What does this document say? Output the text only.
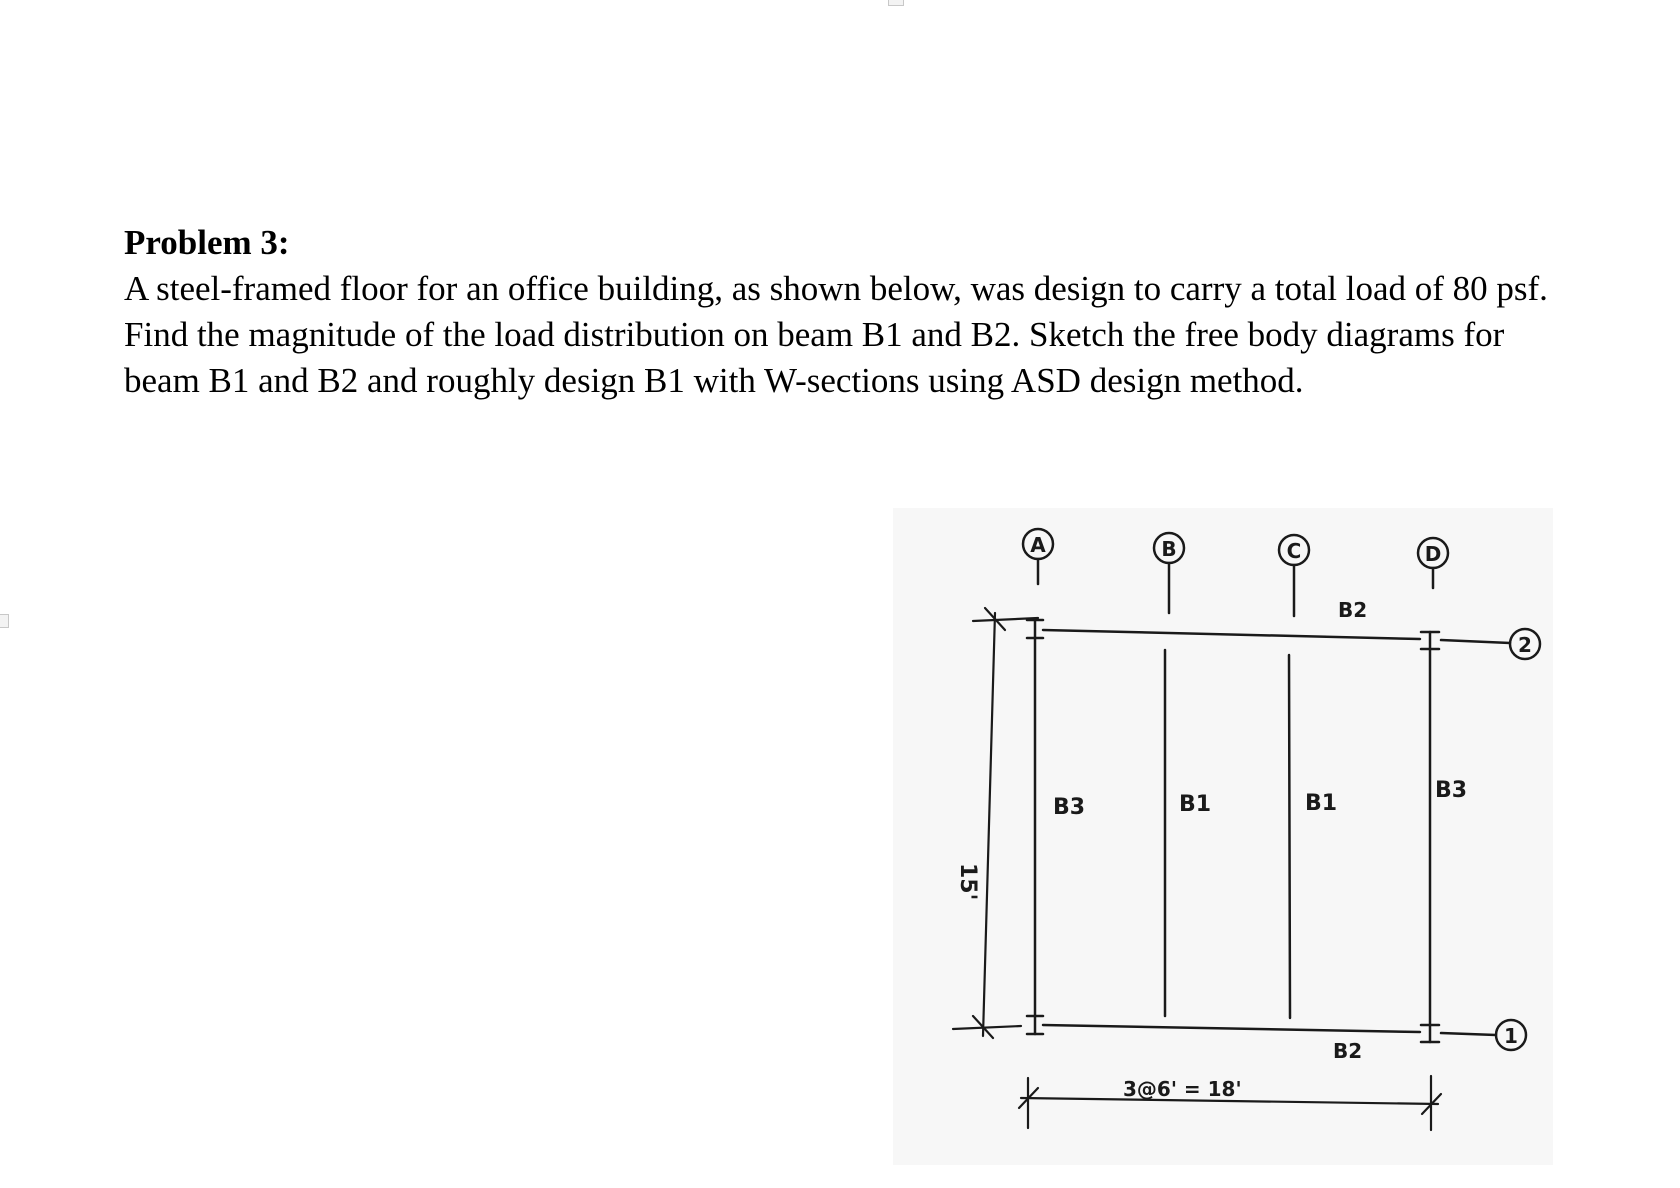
Problem 3:

A steel-framed floor for an office building, as shown below, was design to carry a total load of 80 psf. Find the magnitude of the load distribution on beam B1 and B2. Sketch the free body diagrams for beam B1 and B2 and roughly design B1 with W-sections using ASD design method.

A	B	C	D
2
1
B2
B2
B3	B1	B1
B3
15'
3@6' = 18'
